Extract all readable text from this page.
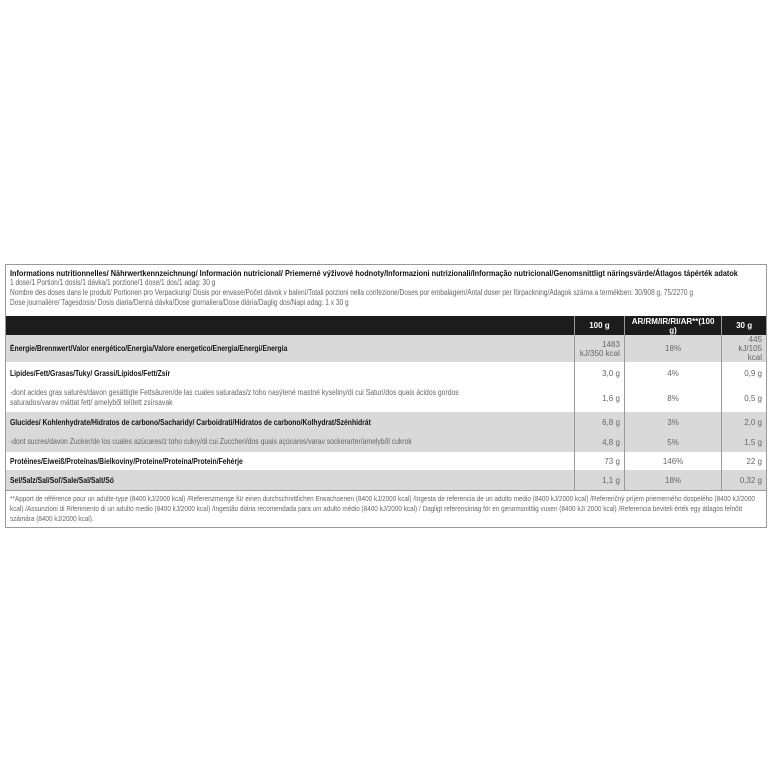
Informations nutritionnelles/ Nährwertkennzeichnung/ Información nutricional/ Priemerné výživové hodnoty/Informazioni nutrizionali/Informação nutricional/Genomsnittligt näringsvärde/Átlagos tápérték adatok
1 dose/1 Portion/1 dosis/1 dávka/1 porzione/1 dose/1 dos/1 adag: 30 g
Nombre des doses dans le produit/ Portionen pro Verpackung/ Dosis por envase/Počet dávok v balení/Totali porzioni nella confezione/Doses por embalagem/Antal doser per förpackning/Adagok száma a termékben: 30/908 g, 75/2270 g
Dose journalière/ Tagesdosis/ Dosis diaria/Denná dávka/Dose giornaliera/Dose diária/Daglig dos/Napi adag: 1 x 30 g
	100 g	AR/RM/IR/RI/AR**(100 g)	30 g
Énergie/Brennwert/Valor energético/Energia/Valore energetico/Energia/Energi/Energia	1483 kJ/350 kcal	18%	445 kJ/105 kcal
Lipides/Fett/Grasas/Tuky/ Grassi/Lípidos/Fett/Zsír	3,0 g	4%	0,9 g

-dont acides gras saturés/davon gesättigte Fettsäuren/de las cuales saturadas/z toho nasýtené mastné kyseliny/di cui Saturi/dos quais ácidos gordos saturados/varav mättat fett/ amelyből telített zsírsavak	1,6 g	8%	0,5 g
Glucides/ Kohlenhydrate/Hidratos de carbono/Sacharidy/ Carboidrati/Hidratos de carbono/Kolhydrat/Szénhidrát	6,8 g	3%	2,0 g
-dont sucres/davon Zucker/de los cuales azúcares/z toho cukry/di cui Zuccheri/dos quais açúcares/varav sockerarter/amelyből cukrok	4,8 g	5%	1,5 g
Protéines/Eiweiß/Proteínas/Bielkoviny/Proteine/Proteína/Protein/Fehérje	73 g	146%	22 g
Sel/Salz/Sal/Soľ/Sale/Sal/Salt/Só	1,1 g	18%	0,32 g
**Apport de référence pour un adulte-type (8400 kJ/2000 kcal) /Referenzmenge für einen durchschnittlichen Erwachsenen (8400 kJ/2000 kcal) /Ingesta de referencia de un adulto medio (8400 kJ/2000 kcal) /Referenčný príjem priemerného dospelého (8400 kJ/2000 kcal) /Assunzioni di Riferimento di un adulto medio (8400 kJ/2000 kcal) /Ingestão diária recomendada para um adulto médio (8400 kJ/2000 kcal) / Dagligt referensintag för en genomsnittlig vuxen (8400 kJ/ 2000 kcal) /Referencia beviteli érték egy átlagos felnőtt számára (8400 kJ/2000 kcal).
